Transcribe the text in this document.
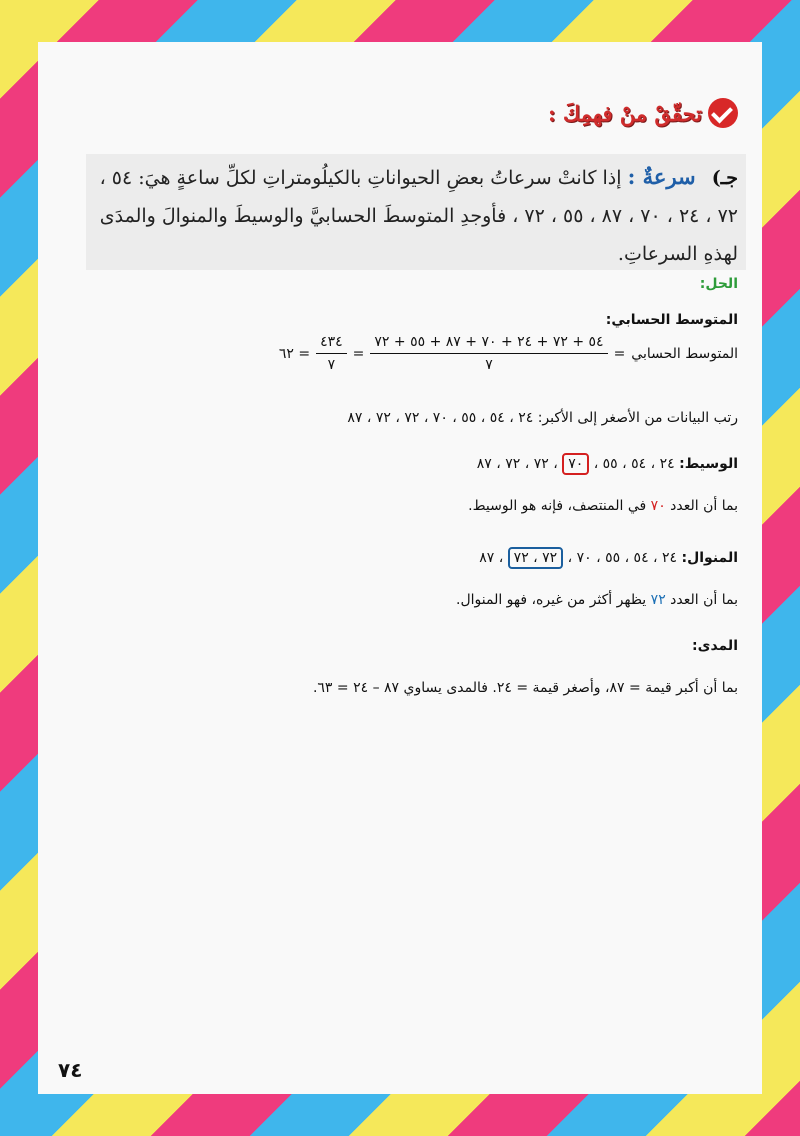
تحقّقْ منْ فهمِكَ :
جـ) سرعةٌ : إذا كانتْ سرعاتُ بعضِ الحيواناتِ بالكيلُومتراتِ لكلِّ ساعةٍ هيَ: ٥٤ ، ٧٢ ، ٢٤ ، ٧٠ ، ٨٧ ، ٥٥ ، ٧٢ ، فأوجدِ المتوسطَ الحسابيَّ والوسيطَ والمنوالَ والمدَى لهذهِ السرعاتِ.
الحل:
المتوسط الحسابي:
المتوسط الحسابي
=
$\frac{٥٤ + ٧٢ + ٢٤ + ٧٠ + ٨٧ + ٥٥ + ٧٢}{٧}$
=
$\frac{٤٣٤}{٧}$
= ٦٢
رتب البيانات من الأصغر إلى الأكبر: ٢٤ ، ٥٤ ، ٥٥ ، ٧٠ ، ٧٢ ، ٧٢ ، ٨٧
الوسيط: ٢٤ ، ٥٤ ، ٥٥ ، ٧٠ ، ٧٢ ، ٧٢ ، ٨٧
بما أن العدد ٧٠ في المنتصف، فإنه هو الوسيط.
المنوال: ٢٤ ، ٥٤ ، ٥٥ ، ٧٠ ، ٧٢ ، ٧٢ ، ٨٧
بما أن العدد ٧٢ يظهر أكثر من غيره، فهو المنوال.
المدى:
بما أن أكبر قيمة = ٨٧، وأصغر قيمة = ٢٤. فالمدى يساوي ٨٧ – ٢٤ = ٦٣.
٧٤
